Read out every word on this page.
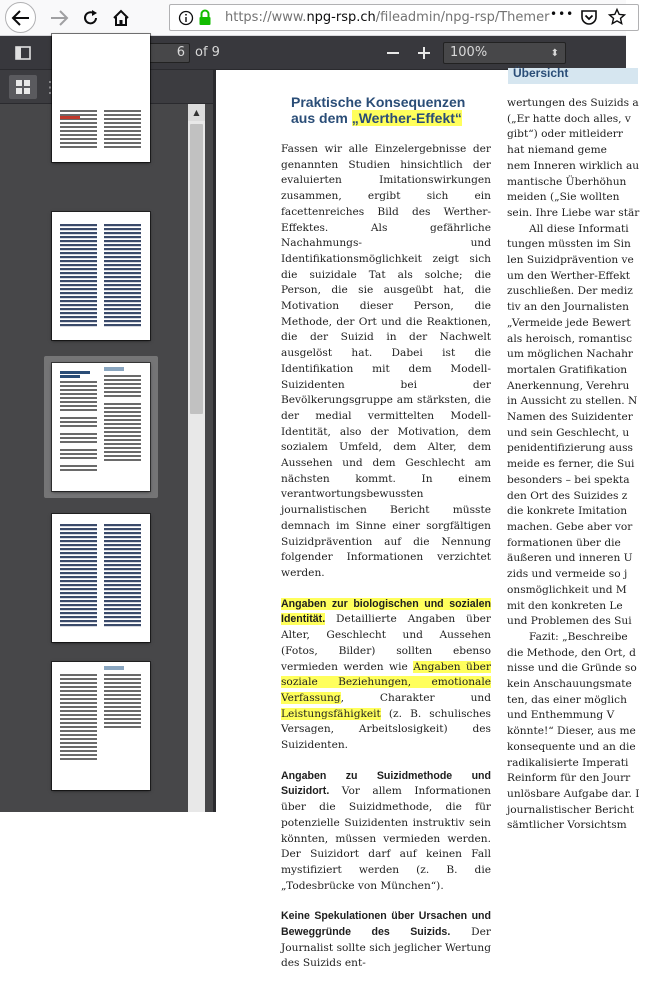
https://www.npg-rsp.ch/fileadmin/npg-rsp/Themer •••
6 of 9	100%	⬍
▲
Übersicht
Praktische Konsequenzen
aus dem „Werther-Effekt“

Fassen wir alle Einzelergebnisse der genannten Studien hinsichtlich der evaluierten Imitationswirkungen zusammen, ergibt sich ein facettenreiches Bild des Werther-Effektes. Als gefährliche Nachahmungs- und Identifikationsmöglichkeit zeigt sich die suizidale Tat als solche; die Person, die sie ausgeübt hat, die Motivation dieser Person, die Methode, der Ort und die Reaktionen, die der Suizid in der Nachwelt ausgelöst hat. Dabei ist die Identifikation mit dem Modell-Suizidenten bei der Bevölkerungsgruppe am stärksten, die der medial vermittelten Modell-Identität, also der Motivation, dem sozialem Umfeld, dem Alter, dem Aussehen und dem Geschlecht am nächsten kommt. In einem verantwortungsbewussten journalistischen Bericht müsste demnach im Sinne einer sorgfältigen Suizidprävention auf die Nennung folgender Informationen verzichtet werden.

Angaben zur biologischen und sozialen Identität. Detaillierte Angaben über Alter, Geschlecht und Aussehen (Fotos, Bilder) sollten ebenso vermieden werden wie Angaben über soziale Beziehungen, emotionale Verfassung, Charakter und Leistungsfähigkeit (z. B. schulisches Versagen, Arbeitslosigkeit) des Suizidenten.

Angaben zu Suizidmethode und Suizidort. Vor allem Informationen über die Suizidmethode, die für potenzielle Suizidenten instruktiv sein könnten, müssen vermieden werden. Der Suizidort darf auf keinen Fall mystifiziert werden (z. B. die „Todesbrücke von München“).

Keine Spekulationen über Ursachen und Beweggründe des Suizids. Der Journalist sollte sich jeglicher Wertung des Suizids ent-

wertungen des Suizids a
(„Er hatte doch alles, v
gibt“) oder mitleiderr
hat niemand geme
nem Inneren wirklich au
mantische Überhöhun
meiden („Sie wollten
sein. Ihre Liebe war stär
All diese Informati
tungen müssten im Sin
len Suizidprävention ve
um den Werther-Effekt
zuschließen. Der mediz
tiv an den Journalisten
„Vermeide jede Bewert
als heroisch, romantisc
um möglichen Nachahr
mortalen Gratifikation
Anerkennung, Verehru
in Aussicht zu stellen. N
Namen des Suizidenter
und sein Geschlecht, u
penidentifizierung auss
meide es ferner, die Sui
besonders – bei spekta
den Ort des Suizides z
die konkrete Imitation
machen. Gebe aber vor
formationen über die
äußeren und inneren U
zids und vermeide so j
onsmöglichkeit und M
mit den konkreten Le
und Problemen des Sui
Fazit: „Beschreibe
die Methode, den Ort, d
nisse und die Gründe so
kein Anschauungsmate
ten, das einer möglich
und Enthemmung V
könnte!“ Dieser, aus me
konsequente und an die
radikalisierte Imperati
Reinform für den Jourr
unlösbare Aufgabe dar. I
journalistischer Bericht
sämtlicher Vorsichtsm
